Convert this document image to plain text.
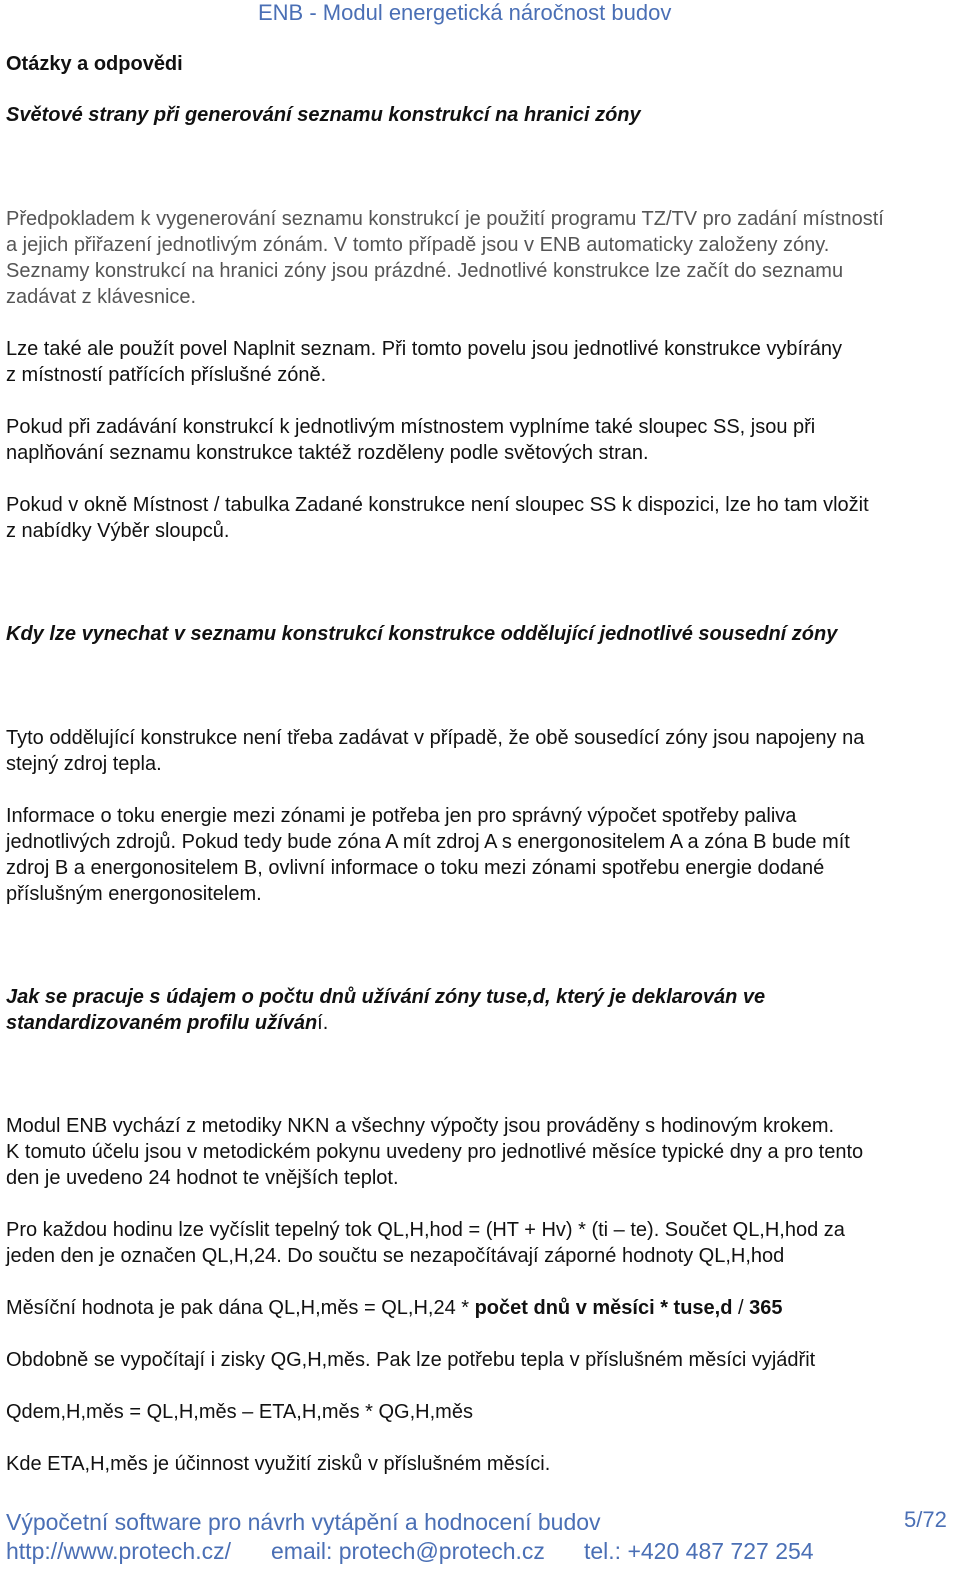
ENB - Modul energetická náročnost budov
Otázky a odpovědi
Světové strany při generování seznamu konstrukcí na hranici zóny
Předpokladem k vygenerování seznamu konstrukcí je použití programu TZ/TV pro zadání místností
a jejich přiřazení jednotlivým zónám. V tomto případě jsou v ENB automaticky založeny zóny.
Seznamy konstrukcí na hranici zóny jsou prázdné. Jednotlivé konstrukce lze začít do seznamu
zadávat z klávesnice.
Lze také ale použít povel Naplnit seznam. Při tomto povelu jsou jednotlivé konstrukce vybírány
z místností patřících příslušné zóně.
Pokud při zadávání konstrukcí k jednotlivým místnostem vyplníme také sloupec SS, jsou při
naplňování seznamu konstrukce taktéž rozděleny podle světových stran.
Pokud v okně Místnost / tabulka Zadané konstrukce není sloupec SS k dispozici, lze ho tam vložit
z nabídky Výběr sloupců.
Kdy lze vynechat v seznamu konstrukcí konstrukce oddělující jednotlivé sousední zóny
Tyto oddělující konstrukce není třeba zadávat v případě, že obě sousedící zóny jsou napojeny na
stejný zdroj tepla.
Informace o toku energie mezi zónami je potřeba jen pro správný výpočet spotřeby paliva
jednotlivých zdrojů. Pokud tedy bude zóna A mít zdroj A s energonositelem A a zóna B bude mít
zdroj B a energonositelem B, ovlivní informace o toku mezi zónami spotřebu energie dodané
příslušným energonositelem.
Jak se pracuje s údajem o počtu dnů užívání zóny tuse,d, který je deklarován ve
standardizovaném profilu užívání.
Modul ENB vychází z metodiky NKN a všechny výpočty jsou prováděny s hodinovým krokem.
K tomuto účelu jsou v metodickém pokynu uvedeny pro jednotlivé měsíce typické dny a pro tento
den je uvedeno 24 hodnot te vnějších teplot.
Pro každou hodinu lze vyčíslit tepelný tok QL,H,hod = (HT + Hv) * (ti – te). Součet QL,H,hod za
jeden den je označen QL,H,24. Do součtu se nezapočítávají záporné hodnoty QL,H,hod
Měsíční hodnota je pak dána QL,H,měs = QL,H,24 * počet dnů v měsíci * tuse,d / 365
Obdobně se vypočítají i zisky QG,H,měs. Pak lze potřebu tepla v příslušném měsíci vyjádřit
Qdem,H,měs = QL,H,měs – ETA,H,měs * QG,H,měs
Kde ETA,H,měs je účinnost využití zisků v příslušném měsíci.
Výpočetní software pro návrh vytápění a hodnocení budov	5/72
http://www.protech.cz/ email: protech@protech.cz tel.: +420 487 727 254
